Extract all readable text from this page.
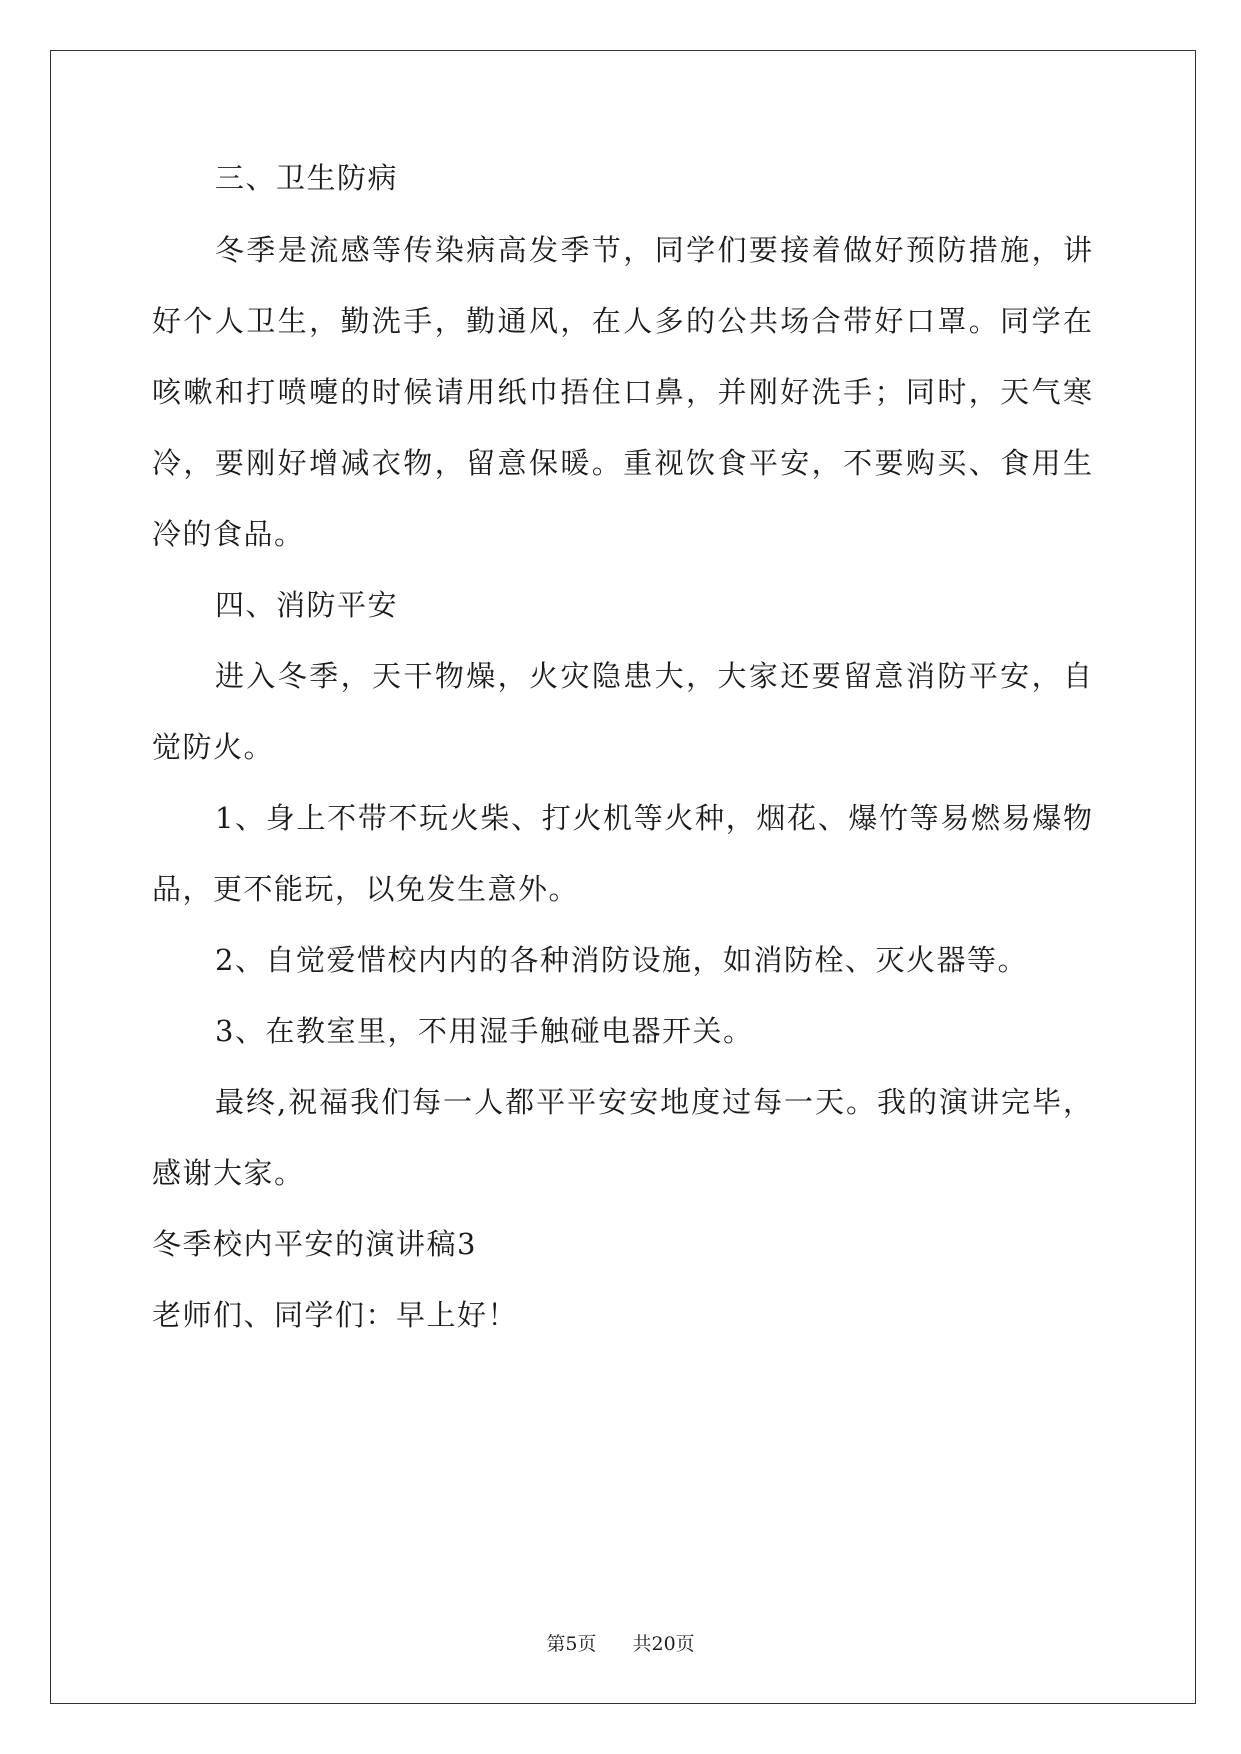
三、卫生防病
冬季是流感等传染病高发季节，同学们要接着做好预防措施，讲
好个人卫生，勤洗手，勤通风，在人多的公共场合带好口罩。同学在
咳嗽和打喷嚏的时候请用纸巾捂住口鼻，并刚好洗手；同时，天气寒
冷，要刚好增减衣物，留意保暖。重视饮食平安，不要购买、食用生
冷的食品。
四、消防平安
进入冬季，天干物燥，火灾隐患大，大家还要留意消防平安，自
觉防火。
1、身上不带不玩火柴、打火机等火种，烟花、爆竹等易燃易爆物
品，更不能玩，以免发生意外。
2、自觉爱惜校内内的各种消防设施，如消防栓、灭火器等。
3、在教室里，不用湿手触碰电器开关。
最终,祝福我们每一人都平平安安地度过每一天。我的演讲完毕，
感谢大家。
冬季校内平安的演讲稿3
老师们、同学们：早上好！
第5页 共20页
